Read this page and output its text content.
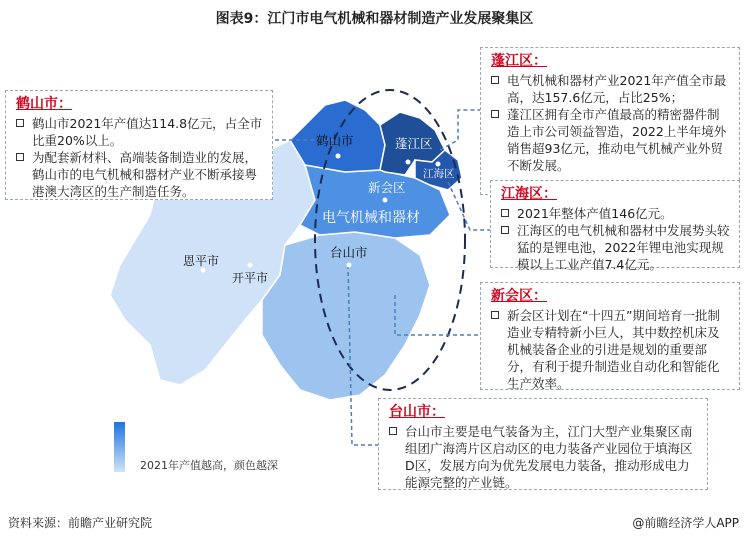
图表9：江门市电气机械和器材制造产业发展聚集区
鹤山市	蓬江区
江海区
新会区
电气机械和器材
台山市
恩平市
开平市
蓬江区：
电气机械和器材产业2021年产值全市最高，达157.6亿元，占比25%；
蓬江区拥有全市产值最高的精密器件制造上市公司领益智造，2022上半年境外销售超93亿元，推动电气机械产业外贸不断发展。
鹤山市：
鹤山市2021年产值达114.8亿元，占全市比重20%以上。
为配套新材料、高端装备制造业的发展，鹤山市的电气机械和器材产业不断承接粤港澳大湾区的生产制造任务。	江海区：
2021年整体产值146亿元。
江海区的电气机械和器材中发展势头较猛的是锂电池，2022年锂电池实现规模以上工业产值7.4亿元。
新会区：
新会区计划在“十四五”期间培育一批制造业专精特新小巨人，其中数控机床及机械装备企业的引进是规划的重要部分，有利于提升制造业自动化和智能化生产效率。
台山市：
台山市主要是电气装备为主，江门大型产业集聚区南组团广海湾片区启动区的电力装备产业园位于填海区D区，发展方向为优先发展电力装备，推动形成电力能源完整的产业链。
2021年产值越高，颜色越深
资料来源：前瞻产业研究院	@前瞻经济学人APP
